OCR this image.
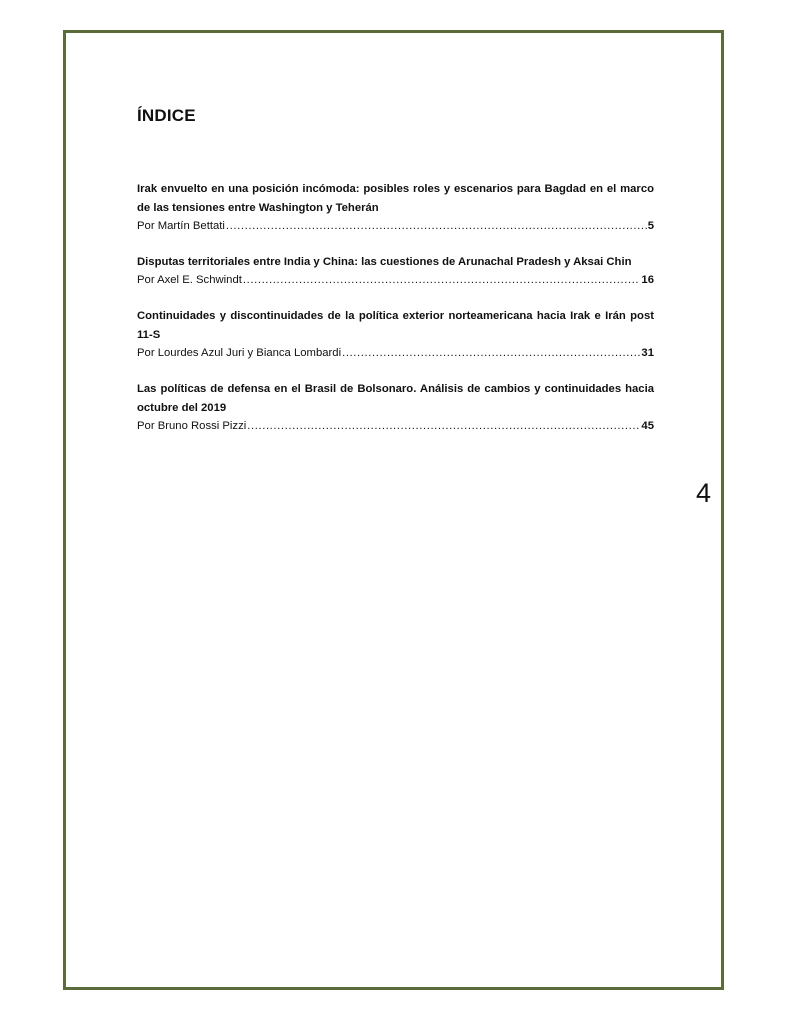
ÍNDICE
Irak envuelto en una posición incómoda: posibles roles y escenarios para Bagdad en el marco de las tensiones entre Washington y Teherán
Por Martín Bettati .....	5
Disputas territoriales entre India y China: las cuestiones de Arunachal Pradesh y Aksai Chin
Por Axel E. Schwindt .....	16
Continuidades y discontinuidades de la política exterior norteamericana hacia Irak e Irán post 11-S
Por Lourdes Azul Juri y Bianca Lombardi .....	31
Las políticas de defensa en el Brasil de Bolsonaro. Análisis de cambios y continuidades hacia octubre del 2019
Por Bruno Rossi Pizzi .....	45
4
